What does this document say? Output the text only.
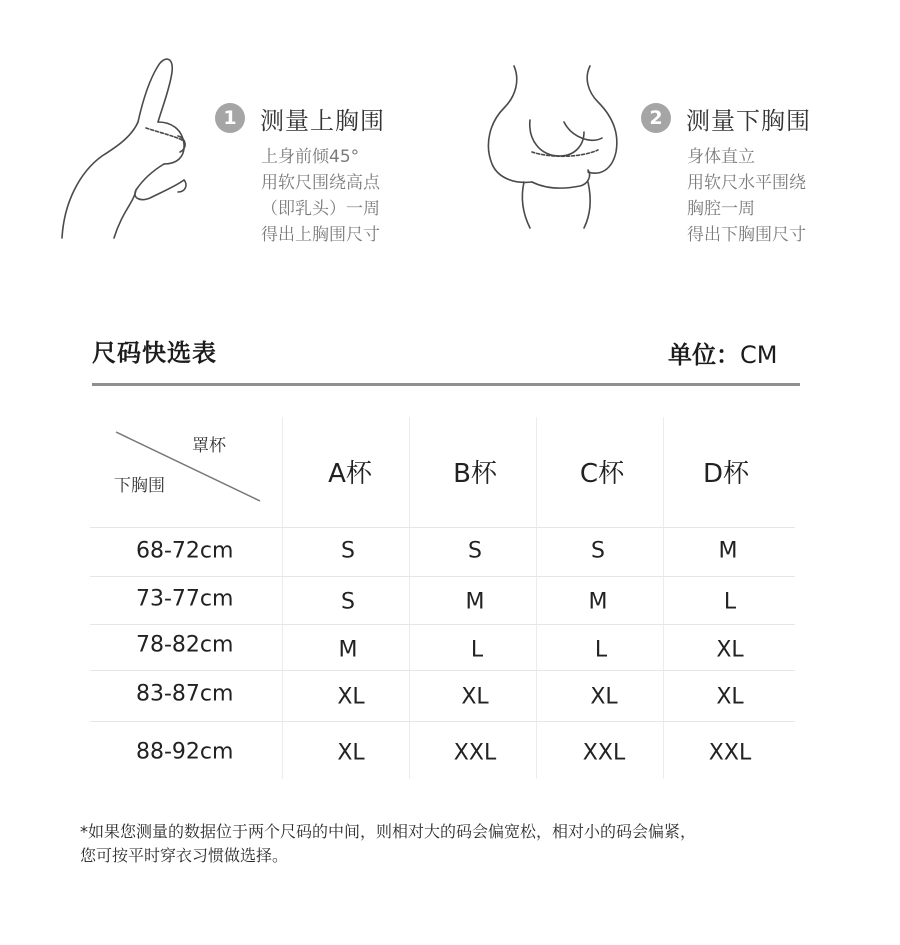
1 测量上胸围
上身前倾45°
用软尺围绕高点
（即乳头）一周
得出上胸围尺寸
2 测量下胸围
身体直立
用软尺水平围绕
胸腔一周
得出下胸围尺寸
尺码快选表	单位：CM
罩杯
下胸围	A杯	B杯	C杯	D杯
68-72cm	S	S	S	M
73-77cm	S	M	M	L
78-82cm	M	L	L	XL
83-87cm	XL	XL	XL	XL
88-92cm	XL	XXL	XXL	XXL
*如果您测量的数据位于两个尺码的中间，则相对大的码会偏宽松，相对小的码会偏紧，
您可按平时穿衣习惯做选择。
